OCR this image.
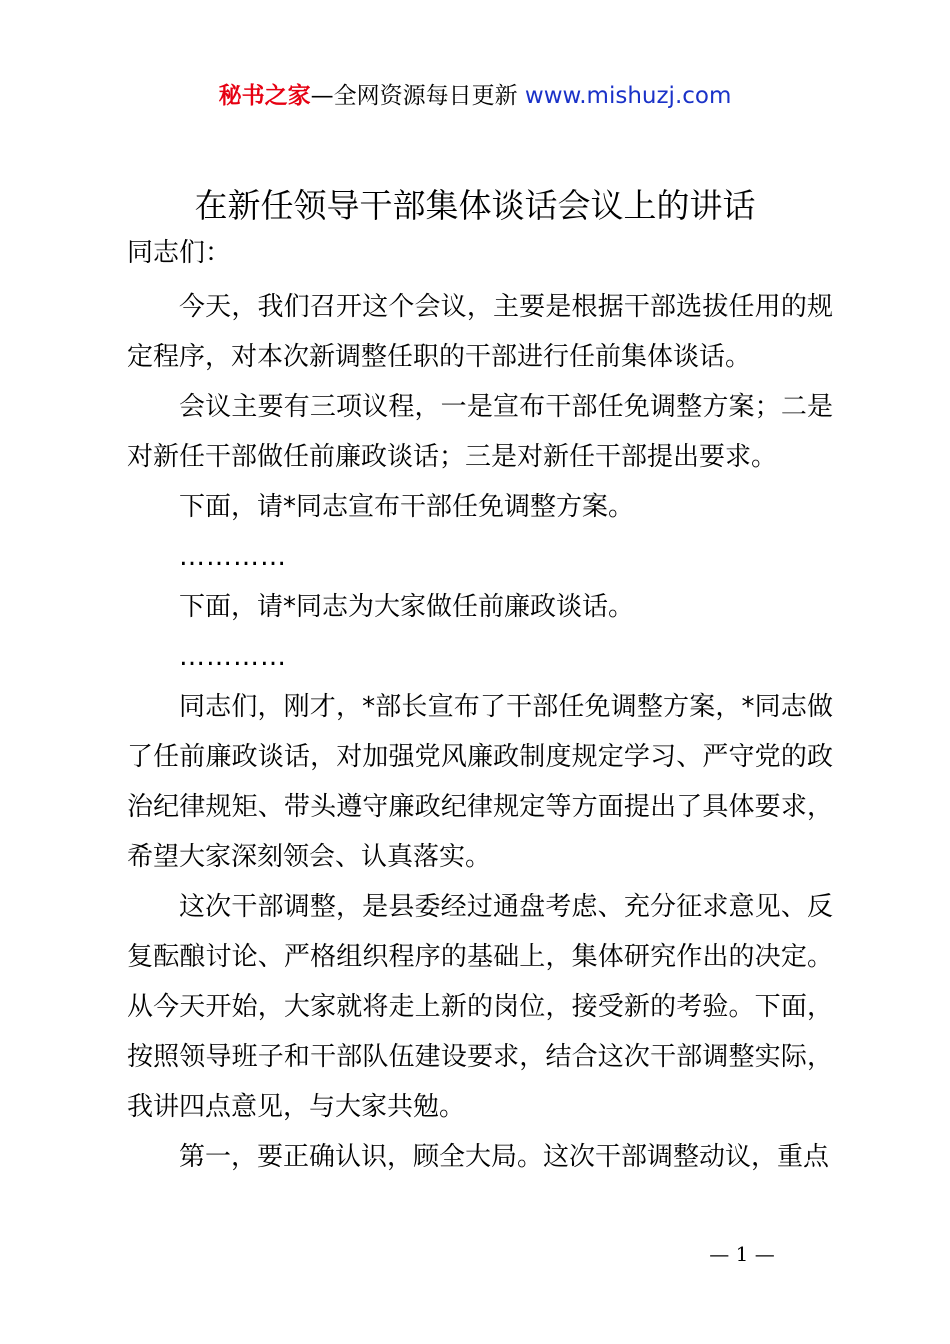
秘书之家—全网资源每日更新 www.mishuzj.com
在新任领导干部集体谈话会议上的讲话

同志们：

今天，我们召开这个会议，主要是根据干部选拔任用的规定程序，对本次新调整任职的干部进行任前集体谈话。

会议主要有三项议程，一是宣布干部任免调整方案；二是对新任干部做任前廉政谈话；三是对新任干部提出要求。

下面，请*同志宣布干部任免调整方案。

…………

下面，请*同志为大家做任前廉政谈话。

…………

同志们，刚才，*部长宣布了干部任免调整方案，*同志做了任前廉政谈话，对加强党风廉政制度规定学习、严守党的政治纪律规矩、带头遵守廉政纪律规定等方面提出了具体要求，希望大家深刻领会、认真落实。

这次干部调整，是县委经过通盘考虑、充分征求意见、反复酝酿讨论、严格组织程序的基础上，集体研究作出的决定。从今天开始，大家就将走上新的岗位，接受新的考验。下面，按照领导班子和干部队伍建设要求，结合这次干部调整实际，我讲四点意见，与大家共勉。

第一，要正确认识，顾全大局。这次干部调整动议，重点

— 1 —
